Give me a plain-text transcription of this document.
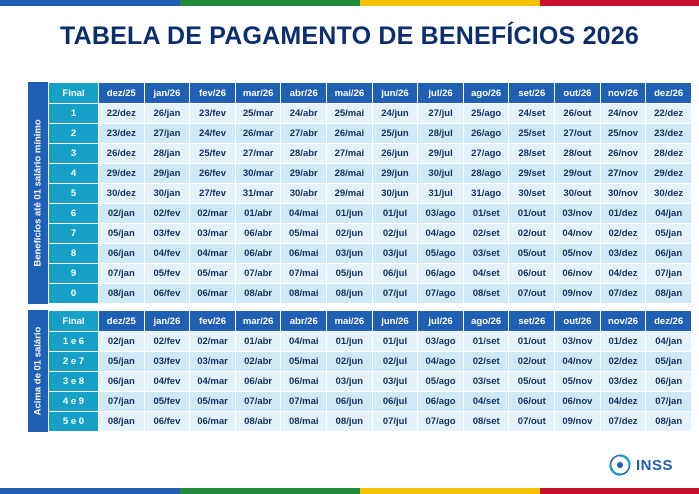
TABELA DE PAGAMENTO DE BENEFÍCIOS 2026
Benefícios até 01 salário mínimo
Final	dez/25	jan/26	fev/26	mar/26	abr/26	mai/26	jun/26	jul/26	ago/26	set/26	out/26	nov/26	dez/26
1	22/dez	26/jan	23/fev	25/mar	24/abr	25/mai	24/jun	27/jul	25/ago	24/set	26/out	24/nov	22/dez
2	23/dez	27/jan	24/fev	26/mar	27/abr	26/mai	25/jun	28/jul	26/ago	25/set	27/out	25/nov	23/dez
3	26/dez	28/jan	25/fev	27/mar	28/abr	27/mai	26/jun	29/jul	27/ago	28/set	28/out	26/nov	28/dez
4	29/dez	29/jan	26/fev	30/mar	29/abr	28/mai	29/jun	30/jul	28/ago	29/set	29/out	27/nov	29/dez
5	30/dez	30/jan	27/fev	31/mar	30/abr	29/mai	30/jun	31/jul	31/ago	30/set	30/out	30/nov	30/dez
6	02/jan	02/fev	02/mar	01/abr	04/mai	01/jun	01/jul	03/ago	01/set	01/out	03/nov	01/dez	04/jan
7	05/jan	03/fev	03/mar	06/abr	05/mai	02/jun	02/jul	04/ago	02/set	02/out	04/nov	02/dez	05/jan
8	06/jan	04/fev	04/mar	06/abr	06/mai	03/jun	03/jul	05/ago	03/set	05/out	05/nov	03/dez	06/jan
9	07/jan	05/fev	05/mar	07/abr	07/mai	05/jun	06/jul	06/ago	04/set	06/out	06/nov	04/dez	07/jan
0	08/jan	06/fev	06/mar	08/abr	08/mai	08/jun	07/jul	07/ago	08/set	07/out	09/nov	07/dez	08/jan
Acima de 01 salário
Final	dez/25	jan/26	fev/26	mar/26	abr/26	mai/26	jun/26	jul/26	ago/26	set/26	out/26	nov/26	dez/26
1 e 6	02/jan	02/fev	02/mar	01/abr	04/mai	01/jun	01/jul	03/ago	01/set	01/out	03/nov	01/dez	04/jan
2 e 7	05/jan	03/fev	03/mar	02/abr	05/mai	02/jun	02/jul	04/ago	02/set	02/out	04/nov	02/dez	05/jan
3 e 8	06/jan	04/fev	04/mar	06/abr	06/mai	03/jun	03/jul	05/ago	03/set	05/out	05/nov	03/dez	06/jan
4 e 9	07/jan	05/fev	05/mar	07/abr	07/mai	06/jun	06/jul	06/ago	04/set	06/out	06/nov	04/dez	07/jan
5 e 0	08/jan	06/fev	06/mar	08/abr	08/mai	08/jun	07/jul	07/ago	08/set	07/out	09/nov	07/dez	08/jan
INSS
